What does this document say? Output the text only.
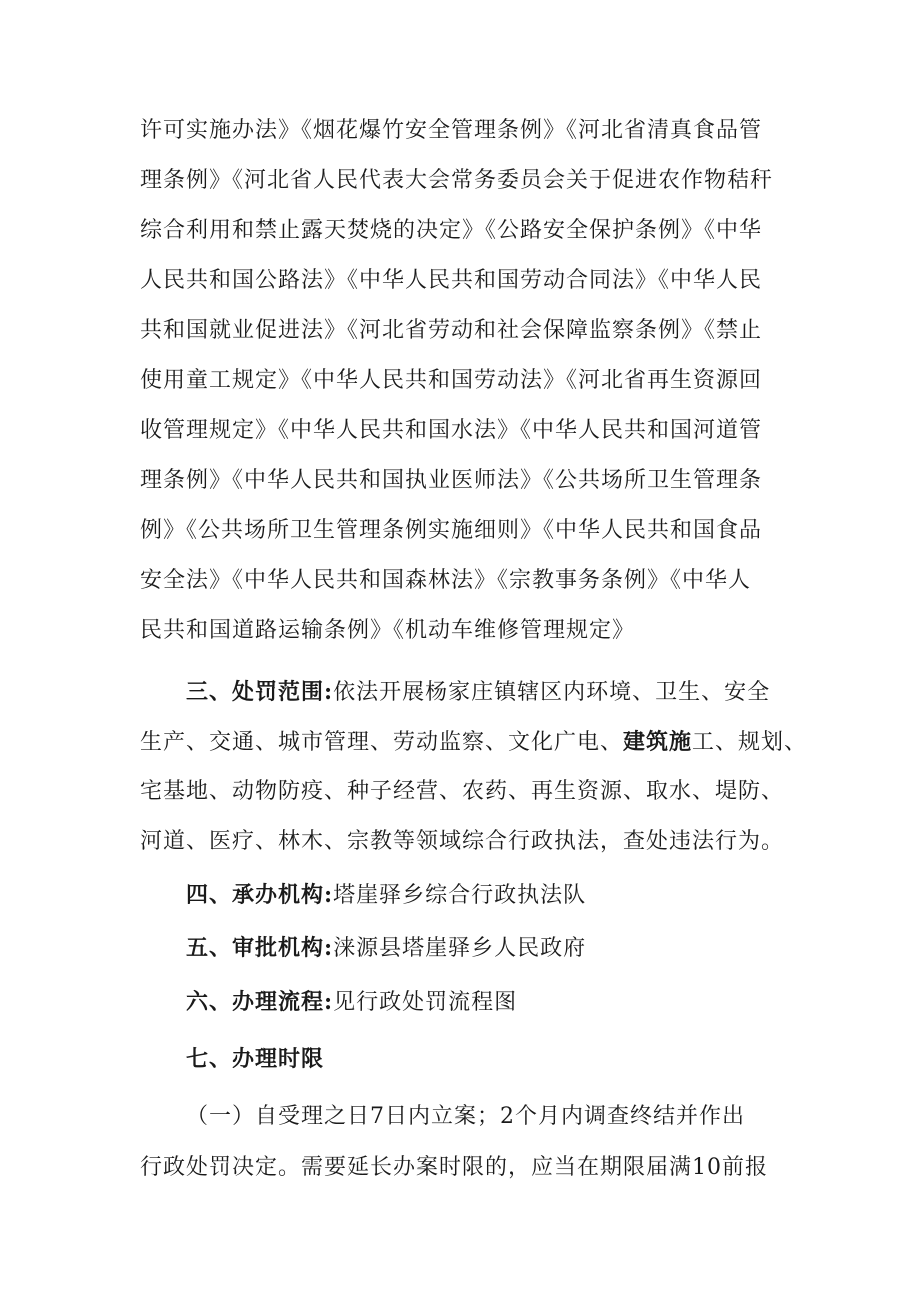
许可实施办法》《烟花爆竹安全管理条例》《河北省清真食品管
理条例》《河北省人民代表大会常务委员会关于促进农作物秸秆
综合利用和禁止露天焚烧的决定》《公路安全保护条例》《中华
人民共和国公路法》《中华人民共和国劳动合同法》《中华人民
共和国就业促进法》《河北省劳动和社会保障监察条例》《禁止
使用童工规定》《中华人民共和国劳动法》《河北省再生资源回
收管理规定》《中华人民共和国水法》《中华人民共和国河道管
理条例》《中华人民共和国执业医师法》《公共场所卫生管理条
例》《公共场所卫生管理条例实施细则》《中华人民共和国食品
安全法》《中华人民共和国森林法》《宗教事务条例》《中华人
民共和国道路运输条例》《机动车维修管理规定》
三、处罚范围:依法开展杨家庄镇辖区内环境、卫生、安全
生产、交通、城市管理、劳动监察、文化广电、建筑施工、规划、
宅基地、动物防疫、种子经营、农药、再生资源、取水、堤防、
河道、医疗、林木、宗教等领域综合行政执法，查处违法行为。
四、承办机构:塔崖驿乡综合行政执法队
五、审批机构:涞源县塔崖驿乡人民政府
六、办理流程:见行政处罚流程图
七、办理时限
（一）自受理之日7日内立案；2个月内调查终结并作出
行政处罚决定。需要延长办案时限的，应当在期限届满10前报
